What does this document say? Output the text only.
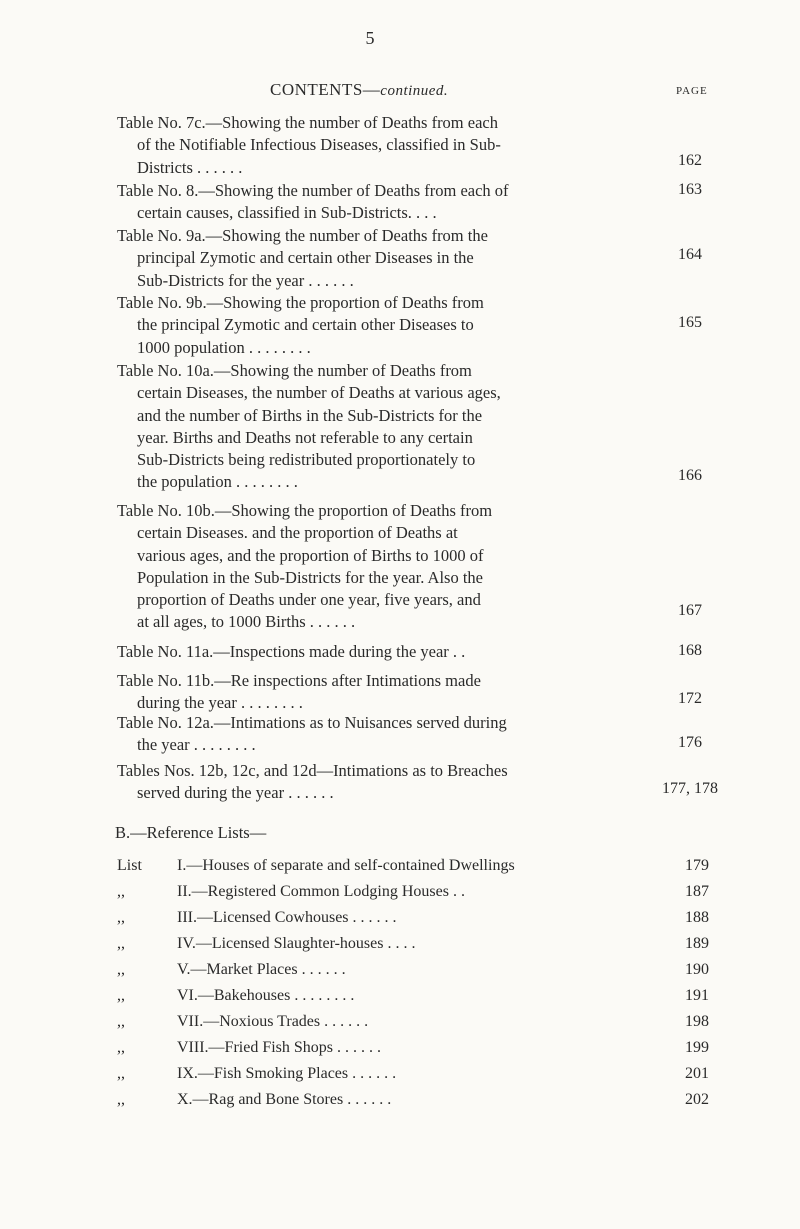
5
CONTENTS—continued.	PAGE
Table No. 7c.—Showing the number of Deaths from each
of the Notifiable Infectious Diseases, classified in Sub-
Districts . . . . . .	162
Table No. 8.—Showing the number of Deaths from each of
certain causes, classified in Sub-Districts. . . .
163
Table No. 9a.—Showing the number of Deaths from the
principal Zymotic and certain other Diseases in the
Sub-Districts for the year . . . . . .
164
Table No. 9b.—Showing the proportion of Deaths from
the principal Zymotic and certain other Diseases to
1000 population . . . . . . . .
165
Table No. 10a.—Showing the number of Deaths from
certain Diseases, the number of Deaths at various ages,
and the number of Births in the Sub-Districts for the
year. Births and Deaths not referable to any certain
Sub-Districts being redistributed proportionately to
the population . . . . . . . .	166
Table No. 10b.—Showing the proportion of Deaths from
certain Diseases. and the proportion of Deaths at
various ages, and the proportion of Births to 1000 of
Population in the Sub-Districts for the year. Also the
proportion of Deaths under one year, five years, and
at all ages, to 1000 Births . . . . . .
167
Table No. 11a.—Inspections made during the year . .	168
Table No. 11b.—Re inspections after Intimations made
during the year . . . . . . . .	172
Table No. 12a.—Intimations as to Nuisances served during
the year . . . . . . . .	176
Tables Nos. 12b, 12c, and 12d—Intimations as to Breaches
served during the year . . . . . .	177, 178
B.—Reference Lists—
List	I.—Houses of separate and self-contained Dwellings	179
,,	II.—Registered Common Lodging Houses . .	187
,,	III.—Licensed Cowhouses . . . . . .	188
,,	IV.—Licensed Slaughter-houses . . . .	189
,,	V.—Market Places . . . . . .	190
,,	VI.—Bakehouses . . . . . . . .	191
,,	VII.—Noxious Trades . . . . . .	198
,,	VIII.—Fried Fish Shops . . . . . .	199
,,	IX.—Fish Smoking Places . . . . . .	201
,,	X.—Rag and Bone Stores . . . . . .	202
